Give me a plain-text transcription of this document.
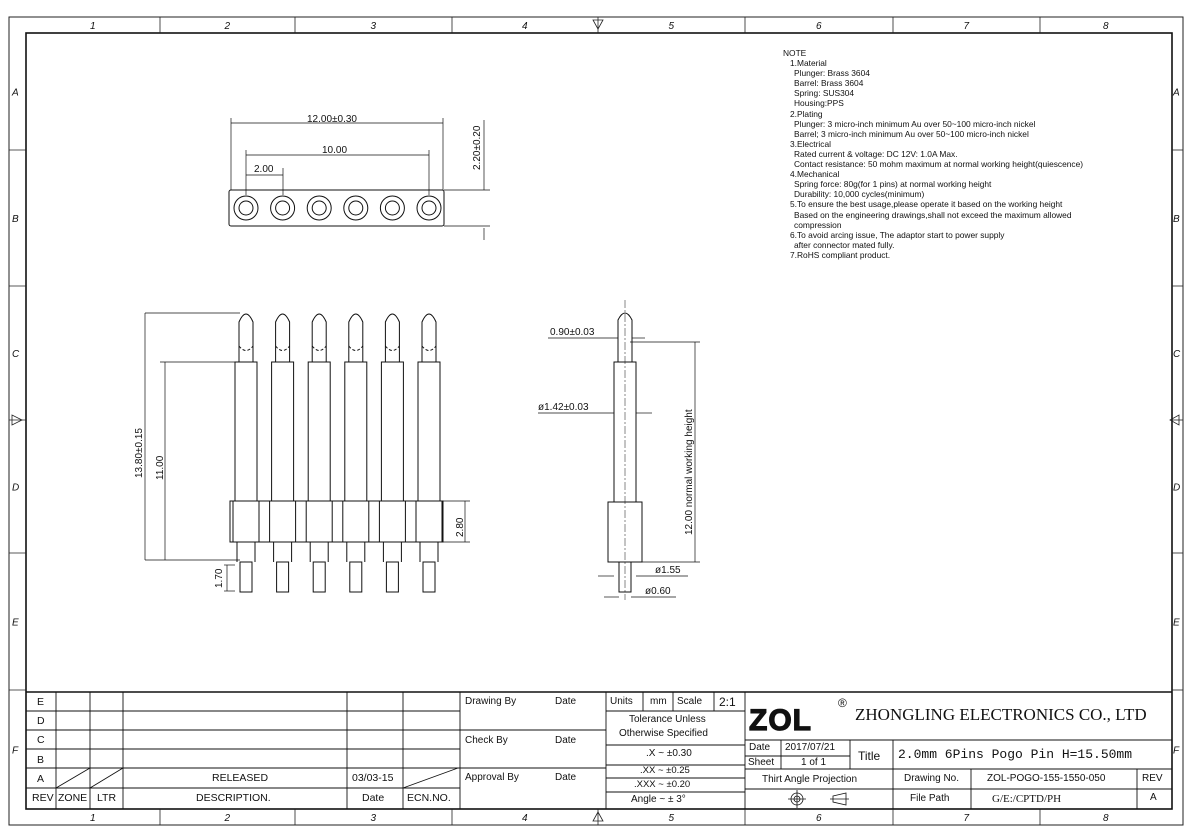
1
1
2
2
3
3
4
4
5
5
6
6
7
7
8
8
A	A
B	B
C	C
D	D
E	E
F	F
12.00±0.30
10.00
2.00	2.20±0.20
13.80±0.15 11.00
2.80
1.70
0.90±0.03
ø1.42±0.03
12.00 normal working height
ø1.55
ø0.60
ZOL
®
NOTE
1.Material
Plunger: Brass 3604
Barrel: Brass 3604
Spring: SUS304
Housing:PPS
2.Plating
Plunger: 3 micro-inch minimum Au over 50~100 micro-inch nickel
Barrel; 3 micro-inch minimum Au over 50~100 micro-inch nickel
3.Electrical
Rated current & voltage: DC 12V: 1.0A Max.
Contact resistance: 50 mohm maximum at normal working height(quiescence)
4.Mechanical
Spring force: 80g(for 1 pins) at normal working height
Durability: 10,000 cycles(minimum)
5.To ensure the best usage,please operate it based on the working height
Based on the engineering drawings,shall not exceed the maximum allowed
compression
6.To avoid arcing issue, The adaptor start to power supply
after connector mated fully.
7.RoHS compliant product.
E
D
C
B
A	RELEASED	03/03-15
REV ZONE LTR	DESCRIPTION.	Date ECN.NO.
Drawing By	Date
Check By	Date
Approval By	Date
Units mm Scale 2:1
Tolerance Unless
Otherwise Specified
.X ~ ±0.30
.XX ~ ±0.25
.XXX ~ ±0.20
Angle ~ ± 3°
ZHONGLING ELECTRONICS CO., LTD
Date 2017/07/21
Sheet	1 of 1	Title 2.0mm 6Pins Pogo Pin H=15.50mm
Thirt Angle Projection	Drawing No.	ZOL-POGO-155-1550-050	REV
A
File Path	G/E:/CPTD/PH
